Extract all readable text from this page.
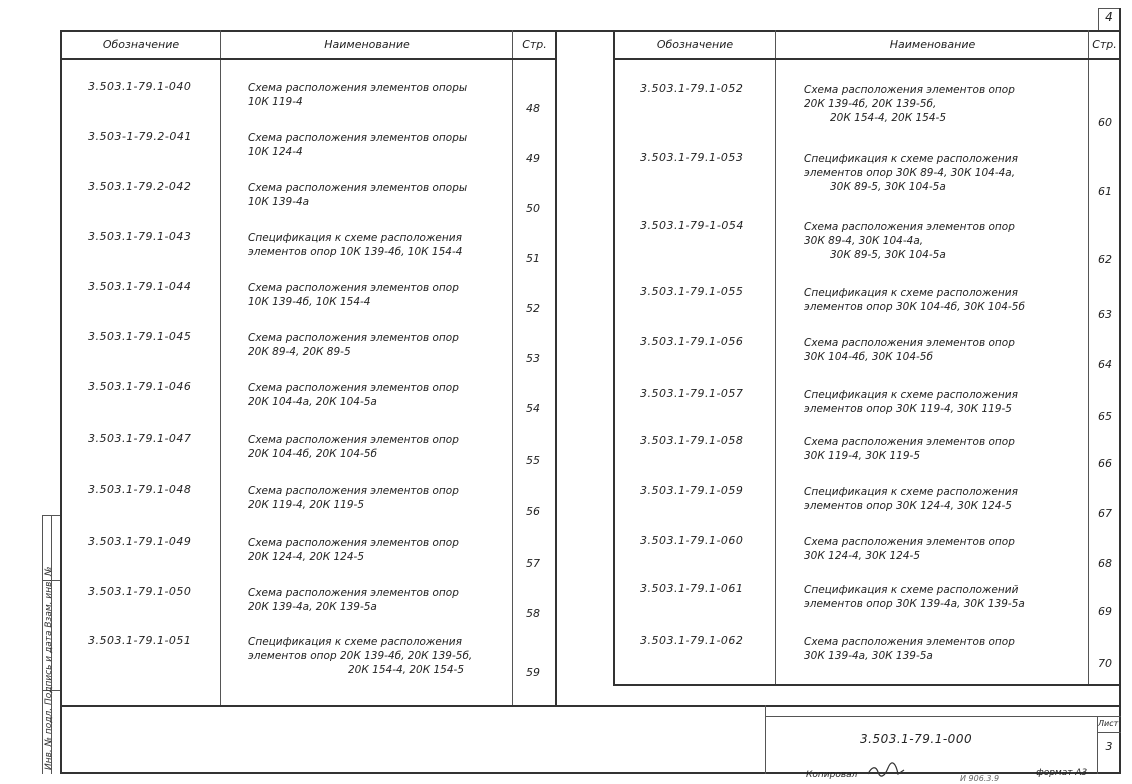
4
Инв. № подл. Подпись и дата Взам. инв. №
Обозначение	Наименование	Стр.
3.503.1-79.1-040	Схема расположения элементов опоры
10К 119-4	48
3.503-1-79.2-041	Схема расположения элементов опоры
10К 124-4	49
3.503.1-79.2-042	Схема расположения элементов опоры
10К 139-4а	50
3.503.1-79.1-043	Спецификация к схеме расположения
элементов опор 10К 139-4б, 10К 154-4	51
3.503.1-79.1-044	Схема расположения элементов опор
10К 139-4б, 10К 154-4	52
3.503.1-79.1-045	Схема расположения элементов опор
20К 89-4, 20К 89-5	53
3.503.1-79.1-046	Схема расположения элементов опор
20К 104-4а, 20К 104-5а	54
3.503.1-79.1-047	Схема расположения элементов опор
20К 104-4б, 20К 104-5б	55
3.503.1-79.1-048	Схема расположения элементов опор
20К 119-4, 20К 119-5	56
3.503.1-79.1-049	Схема расположения элементов опор
20К 124-4, 20К 124-5	57
3.503.1-79.1-050	Схема расположения элементов опор
20К 139-4а, 20К 139-5а	58
3.503.1-79.1-051	Спецификация к схеме расположения
элементов опор 20К 139-4б, 20К 139-5б,
20К 154-4, 20К 154-5	59
Обозначение	Наименование	Стр.
3.503.1-79.1-052	Схема расположения элементов опор
20К 139-4б, 20К 139-5б,
20К 154-4, 20К 154-5	60
3.503.1-79.1-053	Спецификация к схеме расположения
элементов опор 30К 89-4, 30К 104-4а,
30К 89-5, 30К 104-5а	61
3.503.1-79-1-054	Схема расположения элементов опор
30К 89-4, 30К 104-4а,
30К 89-5, 30К 104-5а	62
3.503.1-79.1-055	Спецификация к схеме расположения
элементов опор 30К 104-4б, 30К 104-5б
63
3.503.1-79.1-056	Схема расположения элементов опор
30К 104-4б, 30К 104-5б
64
3.503.1-79.1-057	Спецификация к схеме расположения
элементов опор 30К 119-4, 30К 119-5
65
3.503.1-79.1-058	Схема расположения элементов опор
30К 119-4, 30К 119-5
66
3.503.1-79.1-059	Спецификация к схеме расположения
элементов опор 30К 124-4, 30К 124-5
67
3.503.1-79.1-060	Схема расположения элементов опор
30К 124-4, 30К 124-5
68
3.503.1-79.1-061	Спецификация к схеме расположений
элементов опор 30К 139-4а, 30К 139-5а
69
3.503.1-79.1-062	Схема расположения элементов опор
30К 139-4а, 30К 139-5а
70
3.503.1-79.1-000
Лист
3
Копировал	И 906.3.9
формат А3
